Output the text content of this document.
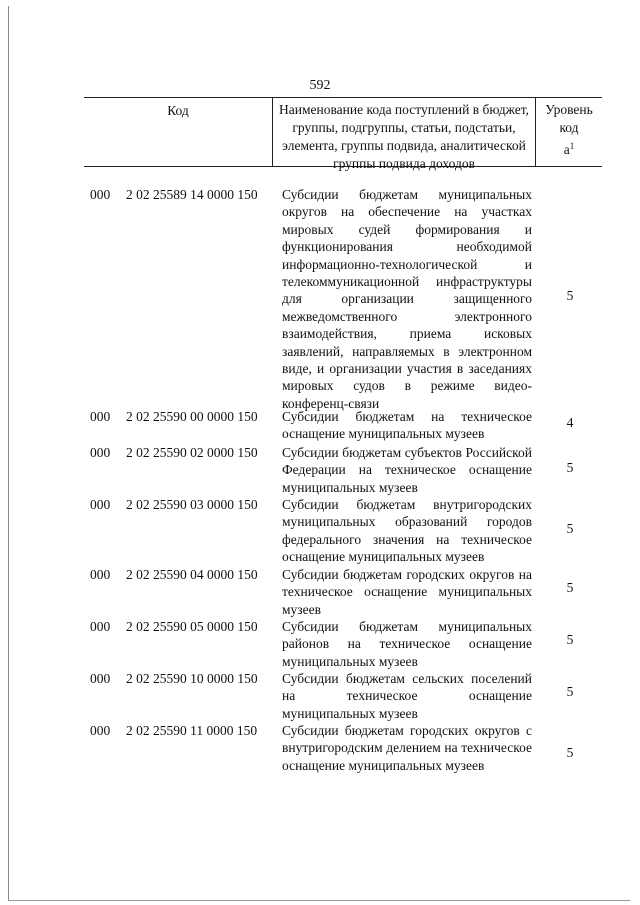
592
Код	Наименование кода поступлений в бюджет, группы, подгруппы, статьи, подстатьи, элемента, группы подвида, аналитической группы подвида доходов
Уровень код
$а^1$
000 2 02 25589 14 0000 150 Субсидии бюджетам муниципальных округов на обеспечение на участках мировых судей формирования и функционирования необходимой информационно-технологической и телекоммуникационной инфраструктуры для организации защищенного межведомственного электронного взаимодействия, приема исковых заявлений, направляемых в электронном виде, и организации участия в заседаниях мировых судов в режиме видео-конференц-связи
5
000 2 02 25590 00 0000 150 Субсидии бюджетам на техническое оснащение муниципальных музеев
4
000 2 02 25590 02 0000 150 Субсидии бюджетам субъектов Российской Федерации на техническое оснащение муниципальных музеев
5
000 2 02 25590 03 0000 150 Субсидии бюджетам внутригородских муниципальных образований городов федерального значения на техническое оснащение муниципальных музеев
5
000 2 02 25590 04 0000 150 Субсидии бюджетам городских округов на техническое оснащение муниципальных музеев
5
000 2 02 25590 05 0000 150 Субсидии бюджетам муниципальных районов на техническое оснащение муниципальных музеев
5
000 2 02 25590 10 0000 150 Субсидии бюджетам сельских поселений на техническое оснащение муниципальных музеев
5
000 2 02 25590 11 0000 150 Субсидии бюджетам городских округов с внутригородским делением на техническое оснащение муниципальных музеев
5
